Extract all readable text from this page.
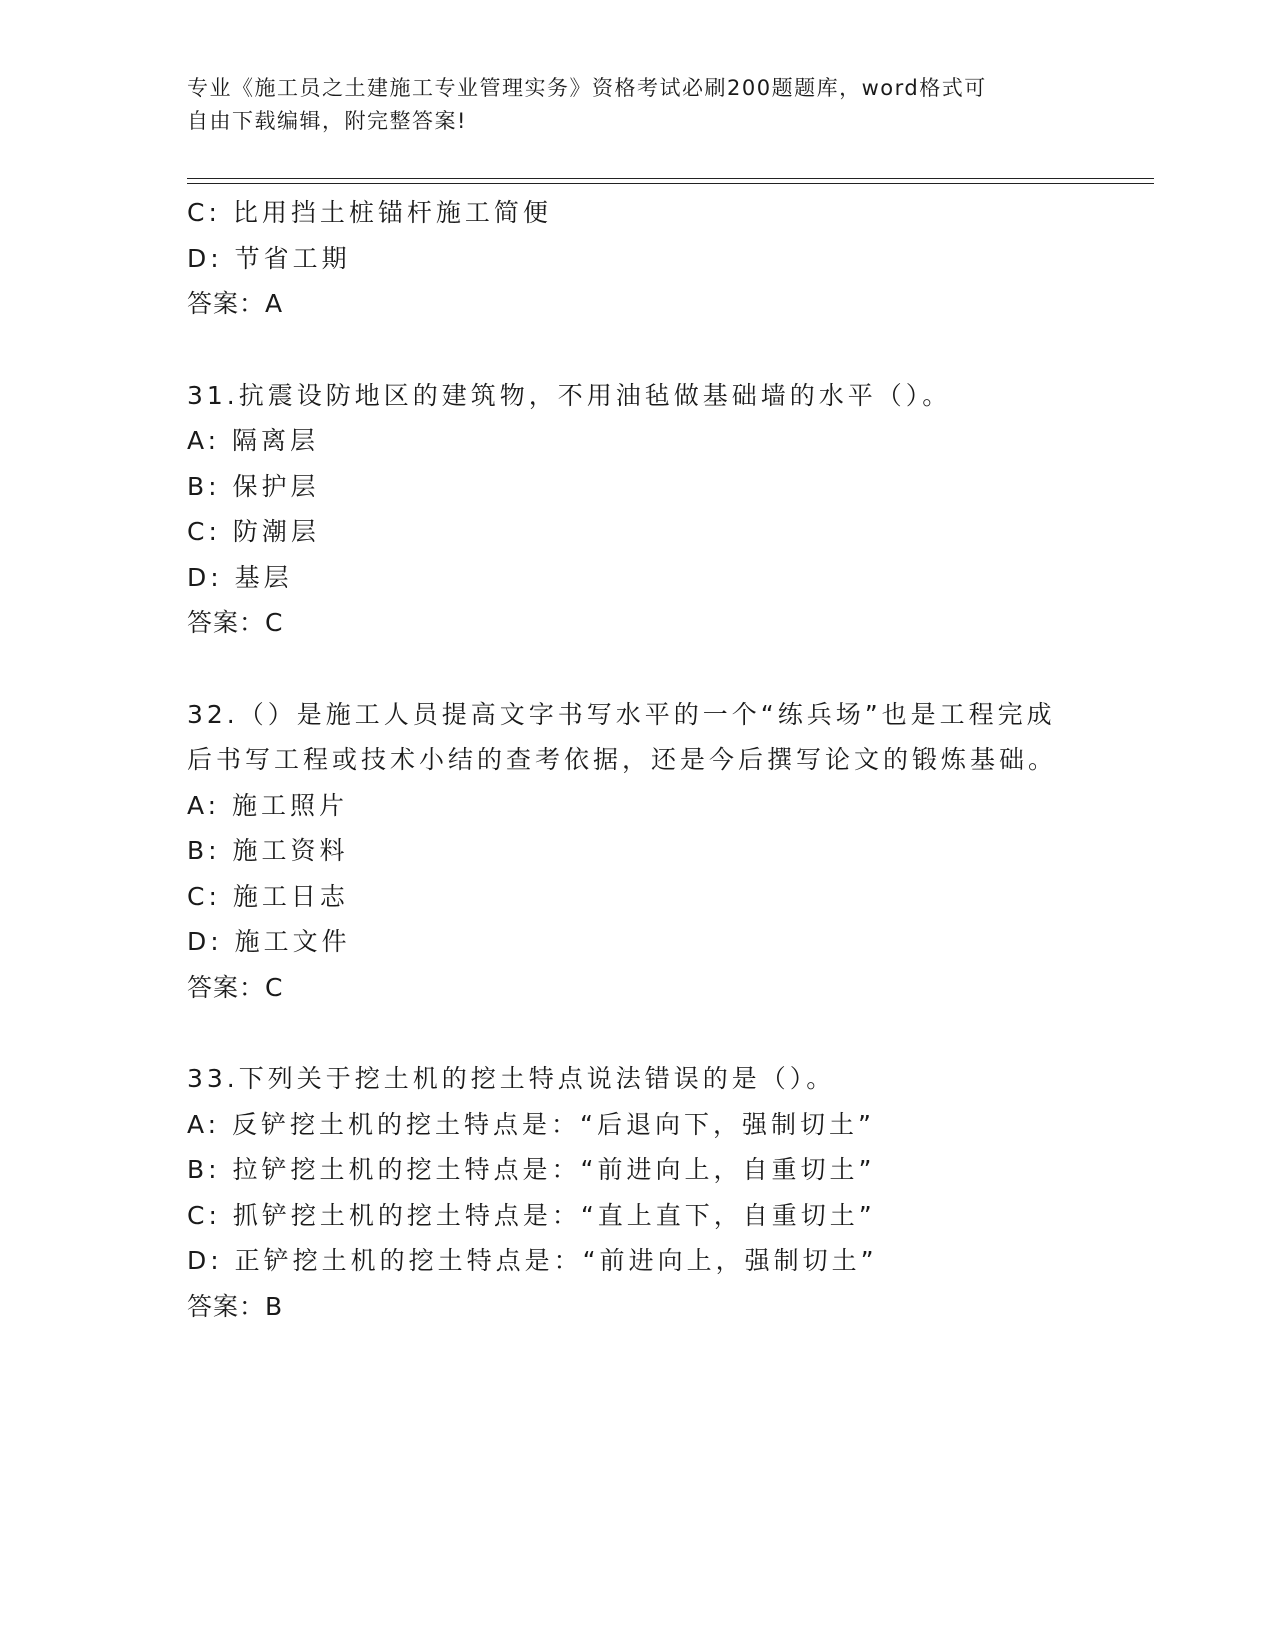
专业《施工员之土建施工专业管理实务》资格考试必刷200题题库，word格式可
自由下载编辑，附完整答案!
C: 比用挡土桩锚杆施工简便
D: 节省工期
答案：A
31.抗震设防地区的建筑物，不用油毡做基础墙的水平（）。
A: 隔离层
B: 保护层
C: 防潮层
D: 基层
答案：C
32.（）是施工人员提高文字书写水平的一个“练兵场”也是工程完成
后书写工程或技术小结的查考依据，还是今后撰写论文的锻炼基础。
A: 施工照片
B: 施工资料
C: 施工日志
D: 施工文件
答案：C
33.下列关于挖土机的挖土特点说法错误的是（）。
A: 反铲挖土机的挖土特点是：“后退向下，强制切土”
B: 拉铲挖土机的挖土特点是：“前进向上，自重切土”
C: 抓铲挖土机的挖土特点是：“直上直下，自重切土”
D: 正铲挖土机的挖土特点是：“前进向上，强制切土”
答案：B
